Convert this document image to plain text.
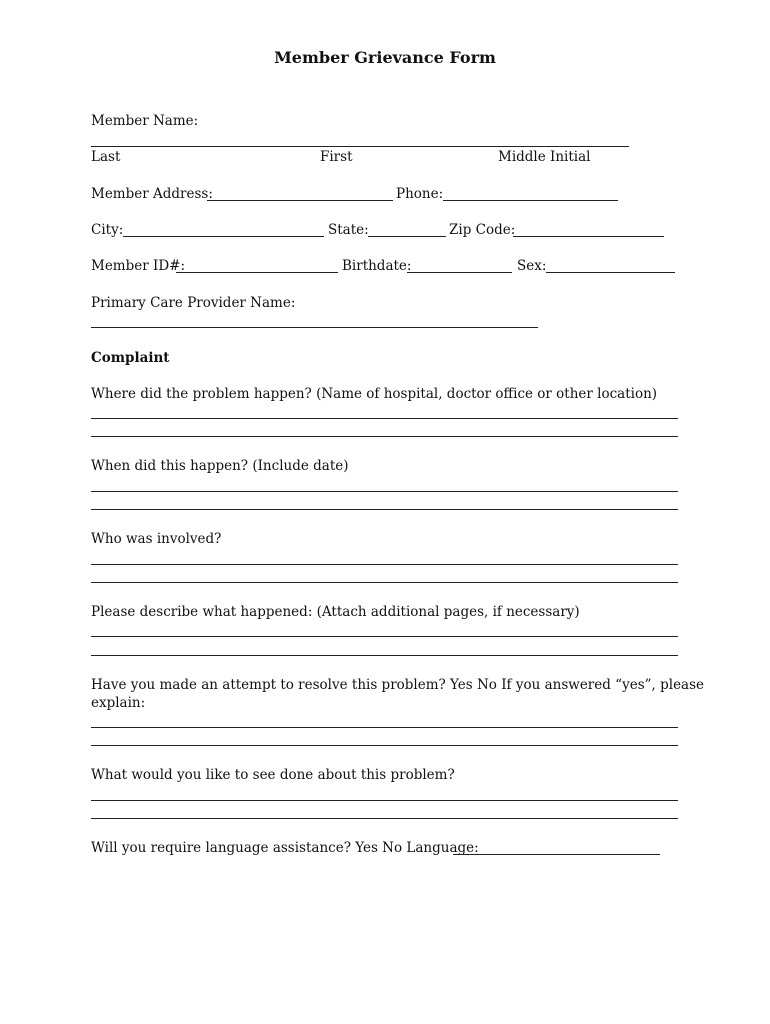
Member Grievance Form
Member Name:
Last	First	Middle Initial
Member Address:	Phone:
City:	State:	Zip Code:
Member ID#:	Birthdate:	Sex:
Primary Care Provider Name:
Complaint
Where did the problem happen? (Name of hospital, doctor office or other location)
When did this happen? (Include date)
Who was involved?
Please describe what happened: (Attach additional pages, if necessary)
Have you made an attempt to resolve this problem? Yes No If you answered “yes”, please
explain:
What would you like to see done about this problem?
Will you require language assistance? Yes No Language:
